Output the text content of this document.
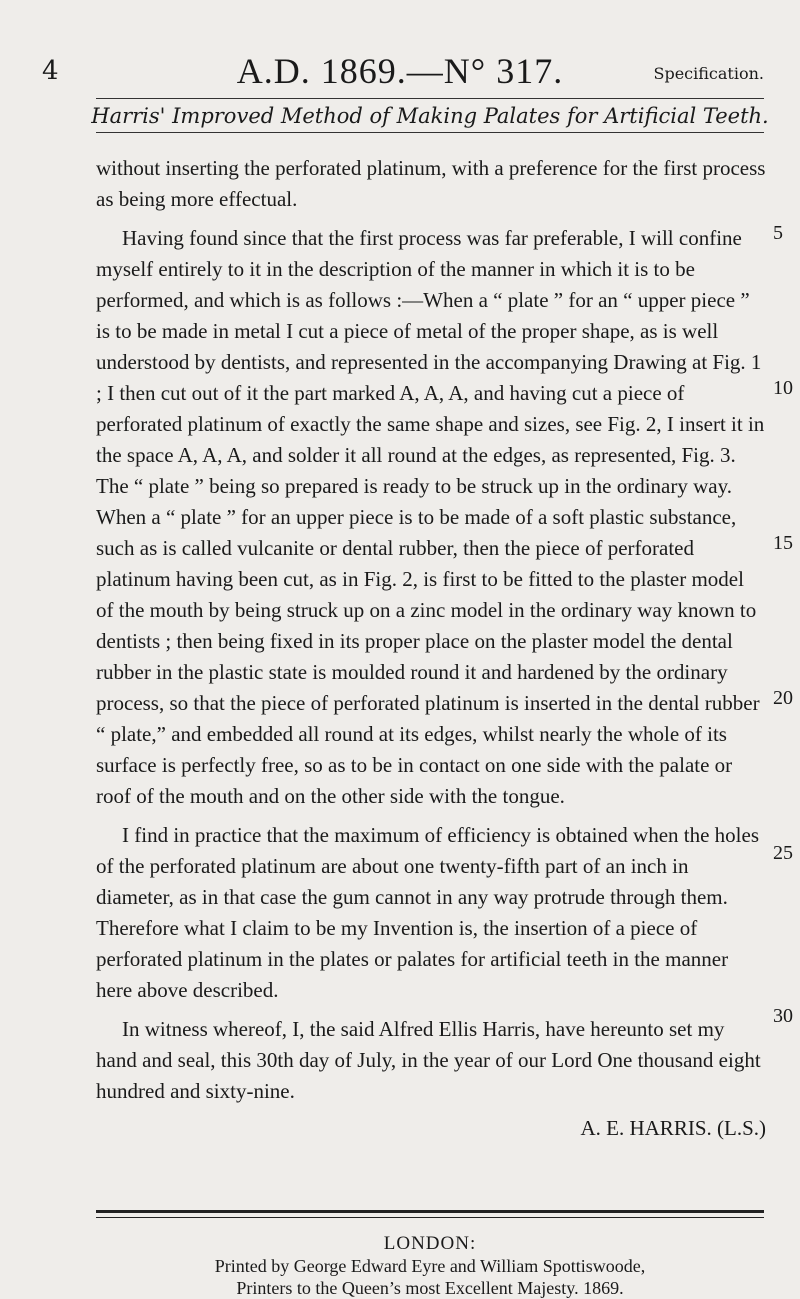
4	A.D. 1869.—N° 317.	Specification.
Harris' Improved Method of Making Palates for Artificial Teeth.

without inserting the perforated platinum, with a preference for the first process as being more effectual.

Having found since that the first process was far preferable, I will confine myself entirely to it in the description of the manner in which it is to be performed, and which is as follows :—When a “ plate ” for an “ upper piece ” is to be made in metal I cut a piece of metal of the proper shape, as is well understood by dentists, and represented in the accompanying Drawing at Fig. 1 ; I then cut out of it the part marked A, A, A, and having cut a piece of perforated platinum of exactly the same shape and sizes, see Fig. 2, I insert it in the space A, A, A, and solder it all round at the edges, as represented, Fig. 3. The “ plate ” being so prepared is ready to be struck up in the ordinary way. When a “ plate ” for an upper piece is to be made of a soft plastic substance, such as is called vulcanite or dental rubber, then the piece of perforated platinum having been cut, as in Fig. 2, is first to be fitted to the plaster model of the mouth by being struck up on a zinc model in the ordinary way known to dentists ; then being fixed in its proper place on the plaster model the dental rubber in the plastic state is moulded round it and hardened by the ordinary process, so that the piece of perforated platinum is inserted in the dental rubber “ plate,” and embedded all round at its edges, whilst nearly the whole of its surface is perfectly free, so as to be in contact on one side with the palate or roof of the mouth and on the other side with the tongue.

I find in practice that the maximum of efficiency is obtained when the holes of the perforated platinum are about one twenty-fifth part of an inch in diameter, as in that case the gum cannot in any way protrude through them. Therefore what I claim to be my Invention is, the insertion of a piece of perforated platinum in the plates or palates for artificial teeth in the manner here above described.

In witness whereof, I, the said Alfred Ellis Harris, have hereunto set my hand and seal, this 30th day of July, in the year of our Lord One thousand eight hundred and sixty-nine.

A. E. HARRIS. (L.S.)

5
10
15
20
25
30
LONDON:
Printed by George Edward Eyre and William Spottiswoode,
Printers to the Queen’s most Excellent Majesty. 1869.
